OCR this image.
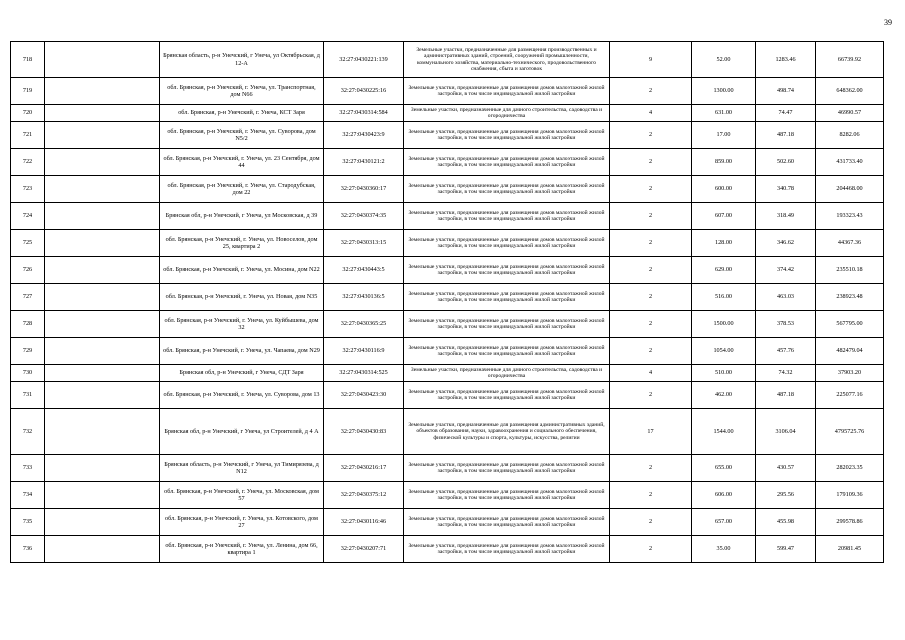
39
718		Брянская область, р-н Унечский, г Унеча, ул Октябрьская, д 12-А	32:27:0430221:139	Земельные участки, предназначенные для размещения производственных и административных зданий, строений, сооружений промышленности, коммунального хозяйства, материально-технического, продовольственного снабжения, сбыта и заготовок	9	52.00	1283.46	66739.92
719		обл. Брянская, р-н Унечский, г. Унеча, ул. Транспортная, дом N66	32:27:0430225:16	Земельные участки, предназначенные для размещения домов малоэтажной жилой застройки, в том числе индивидуальной жилой застройки	2	1300.00	498.74	648362.00
720		обл. Брянская, р-н Унечский, г. Унеча, КСТ Заря	32:27:0430314:584	Земельные участки, предназначенные для дачного строительства, садоводства и огородничества	4	631.00	74.47	46990.57
721		обл. Брянская, р-н Унечский, г. Унеча, ул. Суворова, дом N5/2	32:27:0430423:9	Земельные участки, предназначенные для размещения домов малоэтажной жилой застройки, в том числе индивидуальной жилой застройки	2	17.00	487.18	8282.06
722		обл. Брянская, р-н Унечский, г. Унеча, ул. 23 Сентября, дом 44	32:27:0430121:2	Земельные участки, предназначенные для размещения домов малоэтажной жилой застройки, в том числе индивидуальной жилой застройки	2	859.00	502.60	431733.40
723		обл. Брянская, р-н Унечский, г. Унеча, ул. Стародубская, дом 22	32:27:0430360:17	Земельные участки, предназначенные для размещения домов малоэтажной жилой застройки, в том числе индивидуальной жилой застройки	2	600.00	340.78	204468.00
724		Брянская обл, р-н Унечский, г Унеча, ул Московская, д 39	32:27:0430374:35	Земельные участки, предназначенные для размещения домов малоэтажной жилой застройки, в том числе индивидуальной жилой застройки	2	607.00	318.49	193323.43
725		обл. Брянская, р-н Унечский, г. Унеча, ул. Новоселов, дом 25, квартира 2	32:27:0430313:15	Земельные участки, предназначенные для размещения домов малоэтажной жилой застройки, в том числе индивидуальной жилой застройки	2	128.00	346.62	44367.36
726		обл. Брянская, р-н Унечский, г. Унеча, ул. Мосина, дом N22	32:27:0430443:5	Земельные участки, предназначенные для размещения домов малоэтажной жилой застройки, в том числе индивидуальной жилой застройки	2	629.00	374.42	235510.18
727		обл. Брянская, р-н Унечский, г. Унеча, ул. Новая, дом N35	32:27:0430136:5	Земельные участки, предназначенные для размещения домов малоэтажной жилой застройки, в том числе индивидуальной жилой застройки	2	516.00	463.03	238923.48
728		обл. Брянская, р-н Унечский, г. Унеча, ул. Куйбышева, дом 32	32:27:0430365:25	Земельные участки, предназначенные для размещения домов малоэтажной жилой застройки, в том числе индивидуальной жилой застройки	2	1500.00	378.53	567795.00
729		обл. Брянская, р-н Унечский, г. Унеча, ул. Чапаева, дом N29	32:27:0430116:9	Земельные участки, предназначенные для размещения домов малоэтажной жилой застройки, в том числе индивидуальной жилой застройки	2	1054.00	457.76	482479.04
730		Брянская обл, р-н Унечский, г Унеча, СДТ Заря	32:27:0430314:525	Земельные участки, предназначенные для дачного строительства, садоводства и огородничества	4	510.00	74.32	37903.20
731		обл. Брянская, р-н Унечский, г. Унеча, ул. Суворова, дом 13	32:27:0430423:30	Земельные участки, предназначенные для размещения домов малоэтажной жилой застройки, в том числе индивидуальной жилой застройки	2	462.00	487.18	225077.16
732		Брянская обл, р-н Унечский, г Унеча, ул Строителей, д 4 А	32:27:0430430:83	Земельные участки, предназначенные для размещения административных зданий, объектов образования, науки, здравоохранения и социального обеспечения, физической культуры и спорта, культуры, искусства, религии	17	1544.00	3106.04	4795725.76
733		Брянская область, р-н Унечский, г Унеча, ул Тимирязева, д N12	32:27:0430216:17	Земельные участки, предназначенные для размещения домов малоэтажной жилой застройки, в том числе индивидуальной жилой застройки	2	655.00	430.57	282023.35
734		обл. Брянская, р-н Унечский, г. Унеча, ул. Московская, дом 57	32:27:0430375:12	Земельные участки, предназначенные для размещения домов малоэтажной жилой застройки, в том числе индивидуальной жилой застройки	2	606.00	295.56	179109.36
735		обл. Брянская, р-н Унечский, г. Унеча, ул. Котовского, дом 27	32:27:0430116:46	Земельные участки, предназначенные для размещения домов малоэтажной жилой застройки, в том числе индивидуальной жилой застройки	2	657.00	455.98	299578.86
736		обл. Брянская, р-н Унечский, г. Унеча, ул. Ленина, дом 66, квартира 1	32:27:0430207:71	Земельные участки, предназначенные для размещения домов малоэтажной жилой застройки, в том числе индивидуальной жилой застройки	2	35.00	599.47	20981.45
